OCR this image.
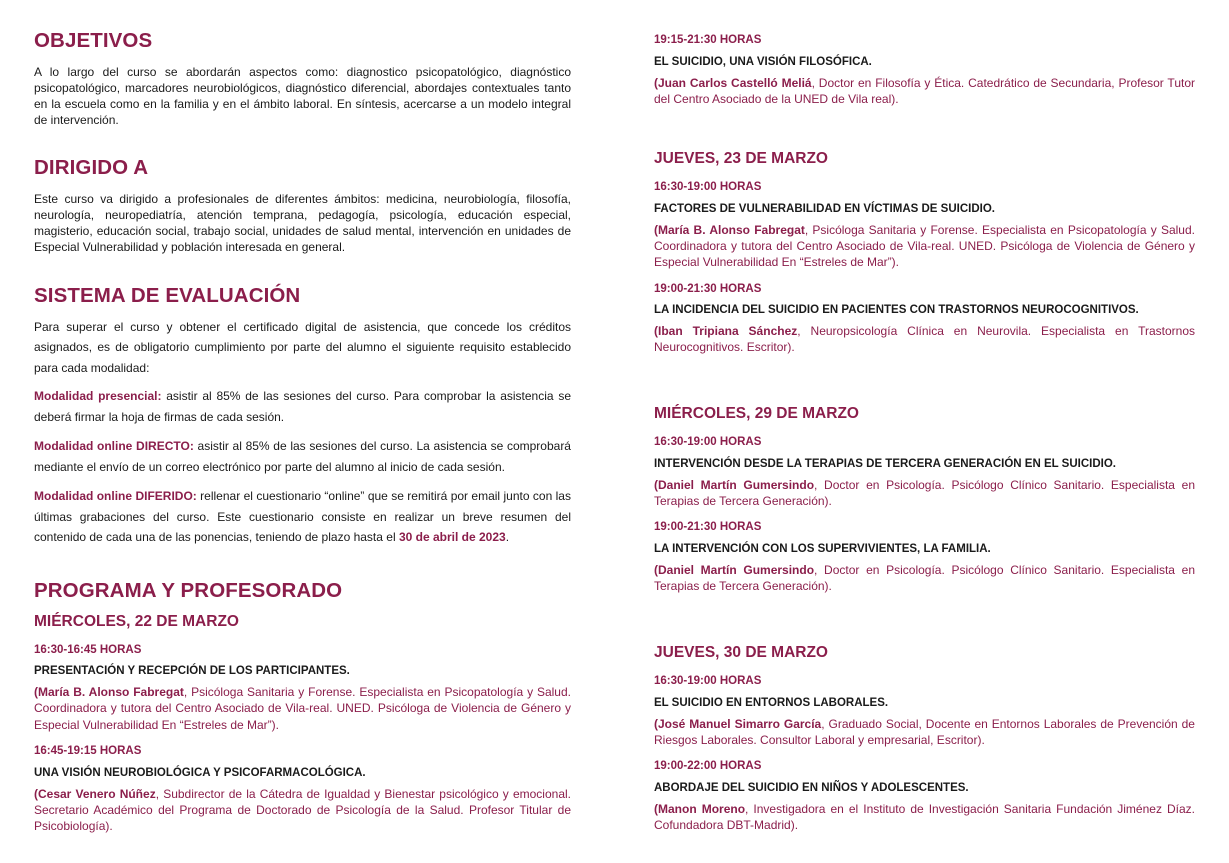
OBJETIVOS

A lo largo del curso se abordarán aspectos como: diagnostico psicopatológico, diagnóstico psicopatológico, marcadores neurobiológicos, diagnóstico diferencial, abordajes contextuales tanto en la escuela como en la familia y en el ámbito laboral. En síntesis, acercarse a un modelo integral de intervención.

DIRIGIDO A

Este curso va dirigido a profesionales de diferentes ámbitos: medicina, neurobiología, filosofía, neurología, neuropediatría, atención temprana, pedagogía, psicología, educación especial, magisterio, educación social, trabajo social, unidades de salud mental, intervención en unidades de Especial Vulnerabilidad y población interesada en general.

SISTEMA DE EVALUACIÓN

Para superar el curso y obtener el certificado digital de asistencia, que concede los créditos asignados, es de obligatorio cumplimiento por parte del alumno el siguiente requisito establecido para cada modalidad:

Modalidad presencial: asistir al 85% de las sesiones del curso. Para comprobar la asistencia se deberá firmar la hoja de firmas de cada sesión.

Modalidad online DIRECTO: asistir al 85% de las sesiones del curso. La asistencia se comprobará mediante el envío de un correo electrónico por parte del alumno al inicio de cada sesión.

Modalidad online DIFERIDO: rellenar el cuestionario “online” que se remitirá por email junto con las últimas grabaciones del curso. Este cuestionario consiste en realizar un breve resumen del contenido de cada una de las ponencias, teniendo de plazo hasta el 30 de abril de 2023.

PROGRAMA Y PROFESORADO
MIÉRCOLES, 22 DE MARZO

16:30-16:45 HORAS

PRESENTACIÓN Y RECEPCIÓN DE LOS PARTICIPANTES.

(María B. Alonso Fabregat, Psicóloga Sanitaria y Forense. Especialista en Psicopatología y Salud. Coordinadora y tutora del Centro Asociado de Vila-real. UNED. Psicóloga de Violencia de Género y Especial Vulnerabilidad En “Estreles de Mar”).

16:45-19:15 HORAS

UNA VISIÓN NEUROBIOLÓGICA Y PSICOFARMACOLÓGICA.

(Cesar Venero Núñez, Subdirector de la Cátedra de Igualdad y Bienestar psicológico y emocional. Secretario Académico del Programa de Doctorado de Psicología de la Salud. Profesor Titular de Psicobiología).

19:15-21:30 HORAS

EL SUICIDIO, UNA VISIÓN FILOSÓFICA.

(Juan Carlos Castelló Meliá, Doctor en Filosofía y Ética. Catedrático de Secundaria, Profesor Tutor del Centro Asociado de la UNED de Vila real).

JUEVES, 23 DE MARZO

16:30-19:00 HORAS

FACTORES DE VULNERABILIDAD EN VÍCTIMAS DE SUICIDIO.

(María B. Alonso Fabregat, Psicóloga Sanitaria y Forense. Especialista en Psicopatología y Salud. Coordinadora y tutora del Centro Asociado de Vila-real. UNED. Psicóloga de Violencia de Género y Especial Vulnerabilidad En “Estreles de Mar”).

19:00-21:30 HORAS

LA INCIDENCIA DEL SUICIDIO EN PACIENTES CON TRASTORNOS NEUROCOGNITIVOS.

(Iban Tripiana Sánchez, Neuropsicología Clínica en Neurovila. Especialista en Trastornos Neurocognitivos. Escritor).

MIÉRCOLES, 29 DE MARZO

16:30-19:00 HORAS

INTERVENCIÓN DESDE LA TERAPIAS DE TERCERA GENERACIÓN EN EL SUICIDIO.

(Daniel Martín Gumersindo, Doctor en Psicología. Psicólogo Clínico Sanitario. Especialista en Terapias de Tercera Generación).

19:00-21:30 HORAS

LA INTERVENCIÓN CON LOS SUPERVIVIENTES, LA FAMILIA.

(Daniel Martín Gumersindo, Doctor en Psicología. Psicólogo Clínico Sanitario. Especialista en Terapias de Tercera Generación).

JUEVES, 30 DE MARZO

16:30-19:00 HORAS

EL SUICIDIO EN ENTORNOS LABORALES.

(José Manuel Simarro García, Graduado Social, Docente en Entornos Laborales de Prevención de Riesgos Laborales. Consultor Laboral y empresarial, Escritor).

19:00-22:00 HORAS

ABORDAJE DEL SUICIDIO EN NIÑOS Y ADOLESCENTES.

(Manon Moreno, Investigadora en el Instituto de Investigación Sanitaria Fundación Jiménez Díaz. Cofundadora DBT-Madrid).
